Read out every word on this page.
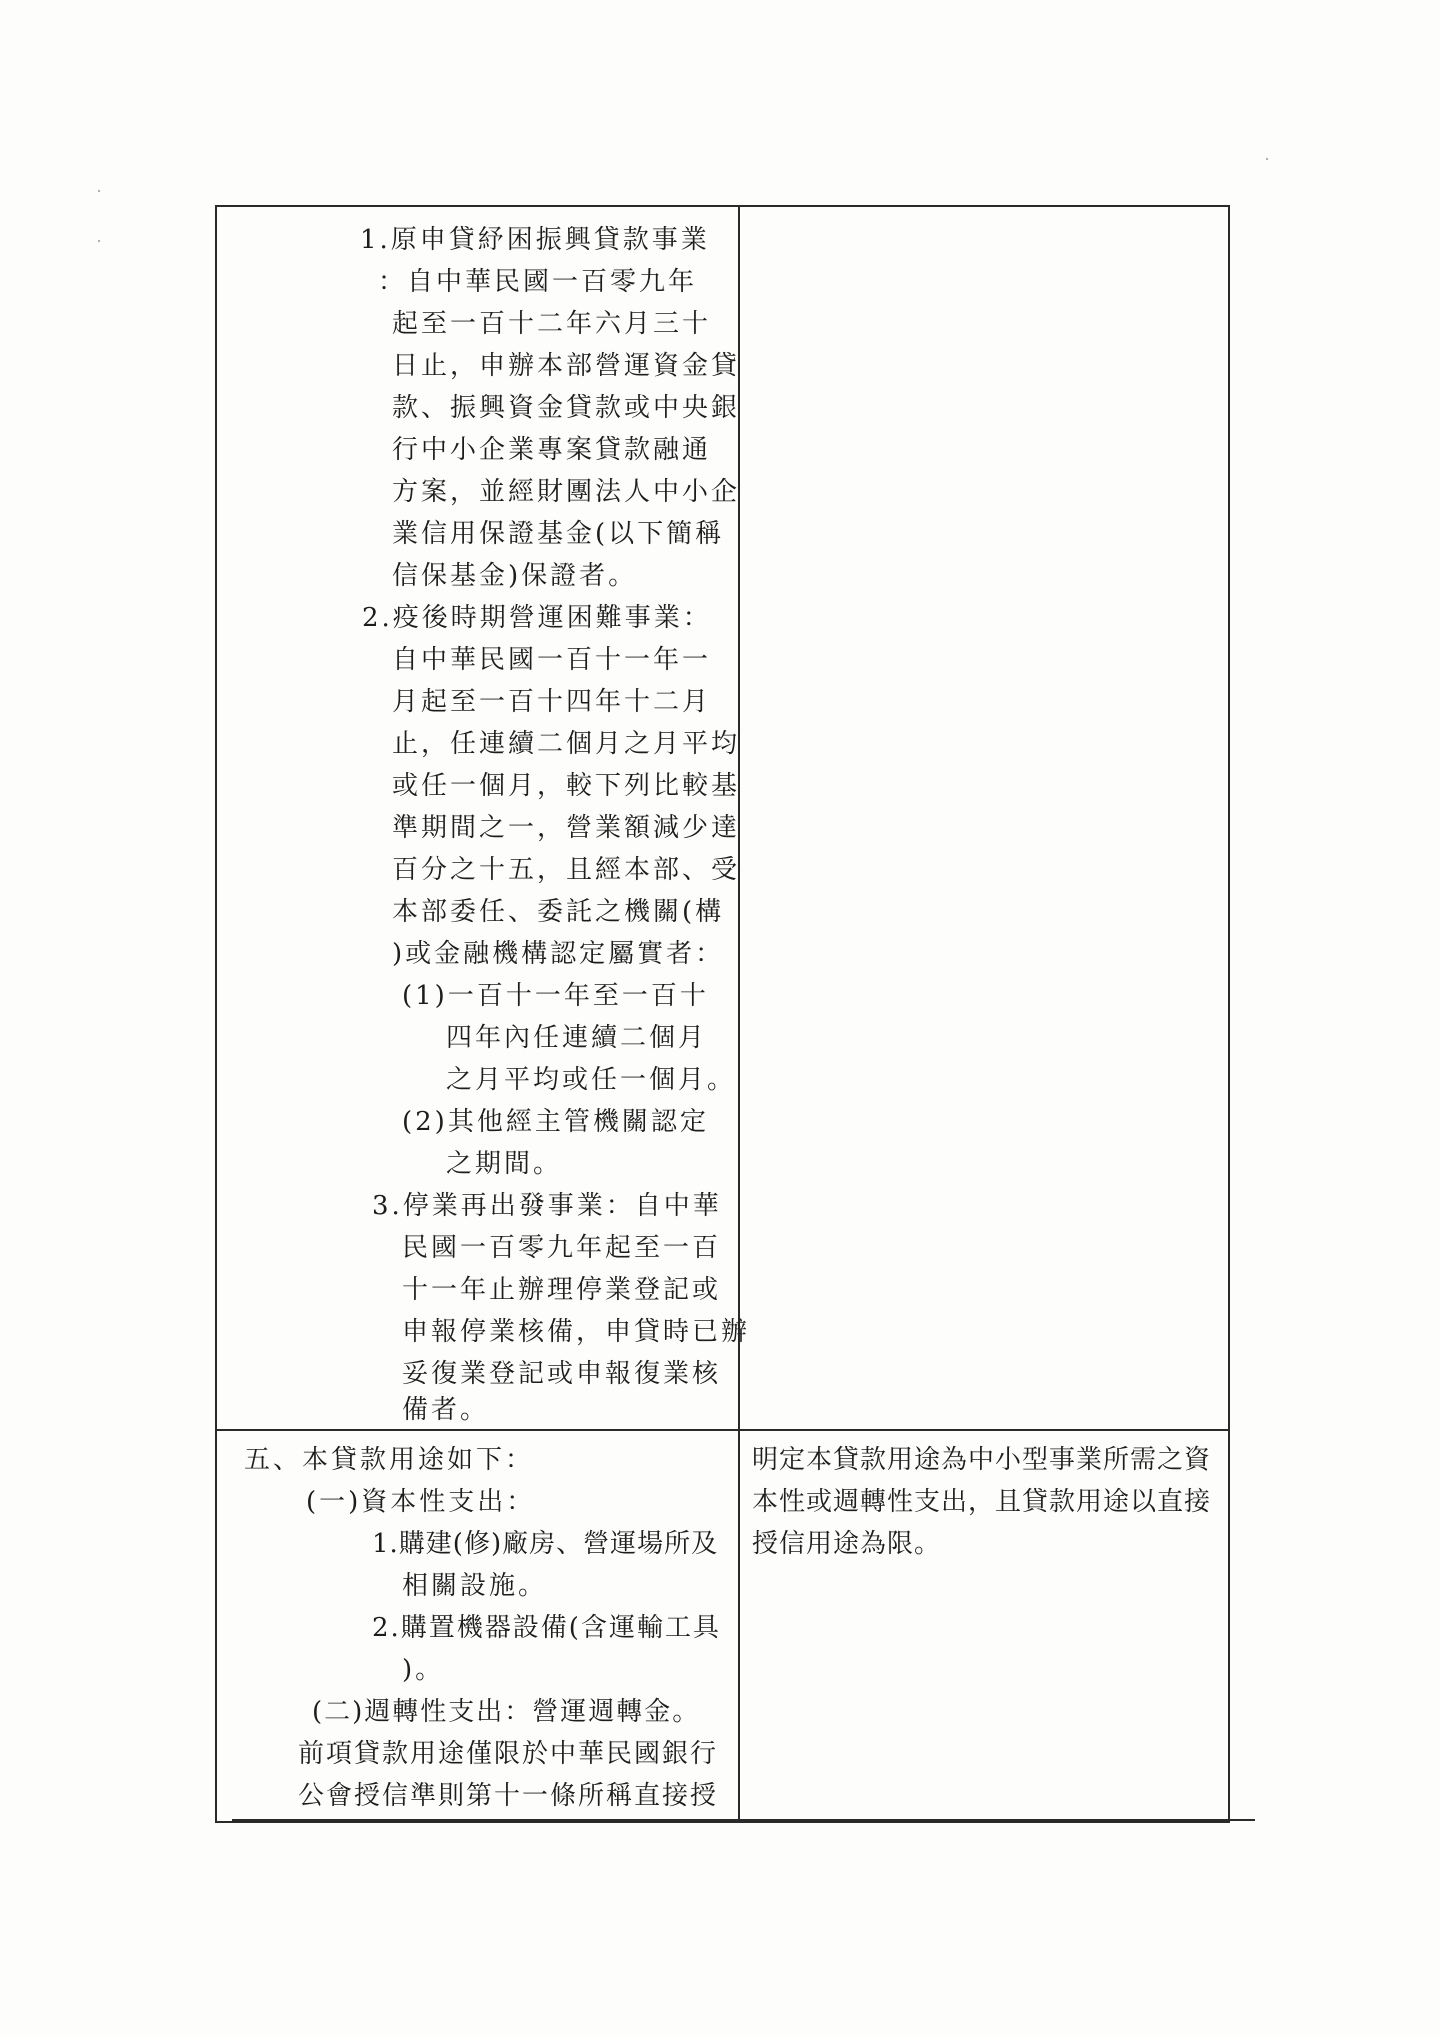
1.原申貸紓困振興貸款事業
：自中華民國一百零九年
起至一百十二年六月三十
日止，申辦本部營運資金貸
款、振興資金貸款或中央銀
行中小企業專案貸款融通
方案，並經財團法人中小企
業信用保證基金(以下簡稱
信保基金)保證者。
2.疫後時期營運困難事業：
自中華民國一百十一年一
月起至一百十四年十二月
止，任連續二個月之月平均
或任一個月，較下列比較基
準期間之一，營業額減少達
百分之十五，且經本部、受
本部委任、委託之機關(構
)或金融機構認定屬實者：
(1)一百十一年至一百十
四年內任連續二個月
之月平均或任一個月。
(2)其他經主管機關認定
之期間。
3.停業再出發事業：自中華
民國一百零九年起至一百
十一年止辦理停業登記或
申報停業核備，申貸時已辦
妥復業登記或申報復業核
備者。
五、本貸款用途如下：
(一)資本性支出：
1.購建(修)廠房、營運場所及
相關設施。
2.購置機器設備(含運輸工具
)。
(二)週轉性支出：營運週轉金。
前項貸款用途僅限於中華民國銀行
公會授信準則第十一條所稱直接授
明定本貸款用途為中小型事業所需之資
本性或週轉性支出，且貸款用途以直接
授信用途為限。
